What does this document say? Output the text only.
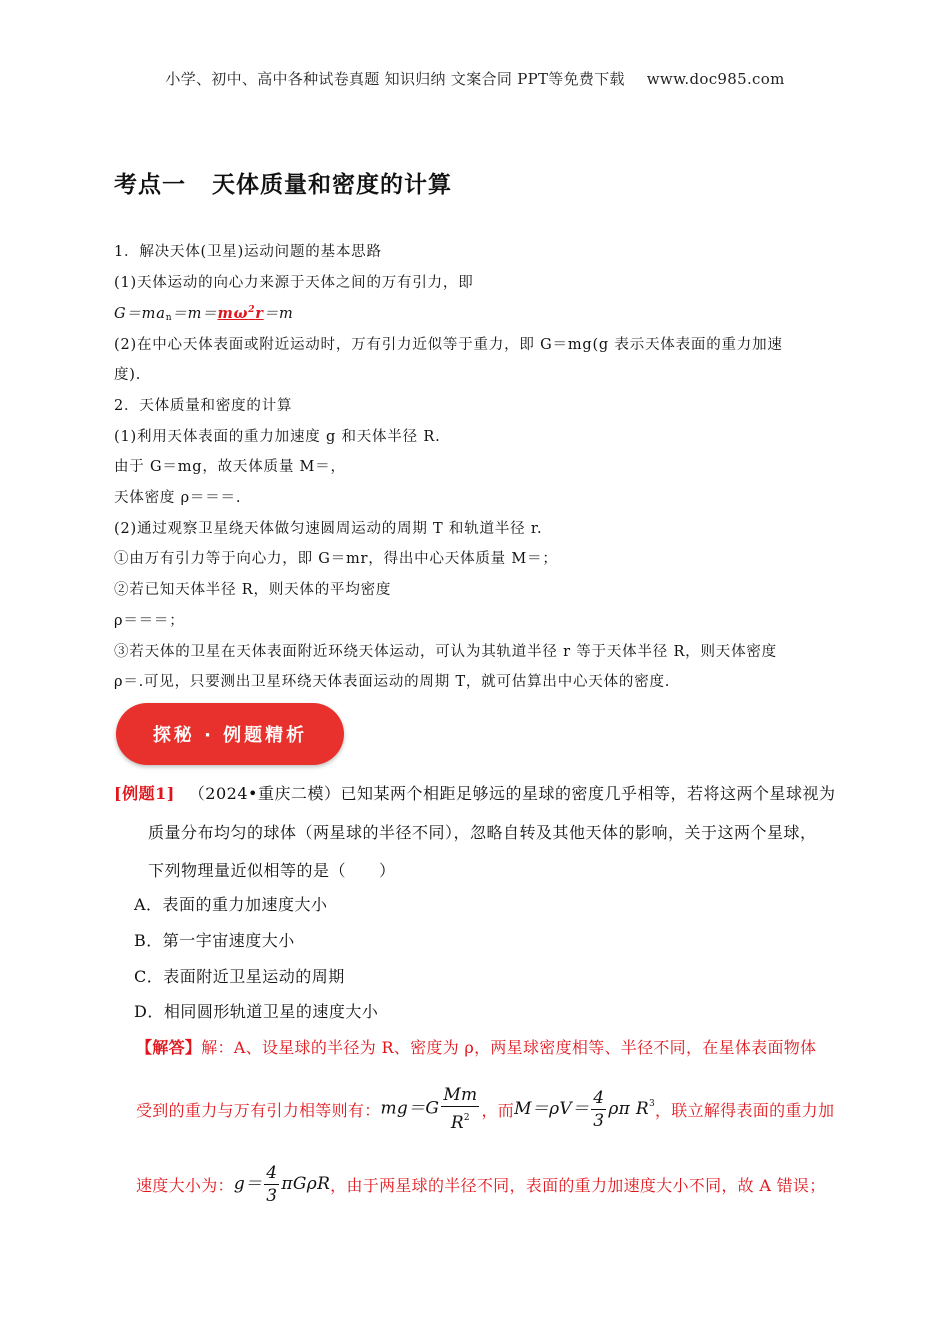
小学、初中、高中各种试卷真题 知识归纳 文案合同 PPT等免费下载 www.doc985.com
考点一 天体质量和密度的计算
1．解决天体(卫星)运动问题的基本思路
(1)天体运动的向心力来源于天体之间的万有引力，即
$G=ma_n=m=m\omega^2r=m$
(2)在中心天体表面或附近运动时，万有引力近似等于重力，即 G＝mg(g 表示天体表面的重力加速
度).
2．天体质量和密度的计算
(1)利用天体表面的重力加速度 g 和天体半径 R.
由于 G＝mg，故天体质量 M＝，
天体密度 ρ＝＝＝.
(2)通过观察卫星绕天体做匀速圆周运动的周期 T 和轨道半径 r.
①由万有引力等于向心力，即 G＝mr，得出中心天体质量 M＝；
②若已知天体半径 R，则天体的平均密度
ρ＝＝＝；
③若天体的卫星在天体表面附近环绕天体运动，可认为其轨道半径 r 等于天体半径 R，则天体密度
ρ＝.可见，只要测出卫星环绕天体表面运动的周期 T，就可估算出中心天体的密度.
探秘 · 例题精析
[例题1] （2024•重庆二模）已知某两个相距足够远的星球的密度几乎相等，若将这两个星球视为
质量分布均匀的球体（两星球的半径不同），忽略自转及其他天体的影响，关于这两个星球，
下列物理量近似相等的是（　　）
A．表面的重力加速度大小
B．第一宇宙速度大小
C．表面附近卫星运动的周期
D．相同圆形轨道卫星的速度大小
【解答】解：A、设星球的半径为 R、密度为 ρ，两星球密度相等、半径不同，在星体表面物体
受到的重力与万有引力相等则有： $mg=G \frac{Mm}{R^2}$ ，而 $M=\rho V= \frac{4}{3}$ ρπ $R^3$ ，联立解得表面的重力加
速度大小为： $g= \frac{4}{3}$ πGρR ，由于两星球的半径不同，表面的重力加速度大小不同，故 A 错误；
